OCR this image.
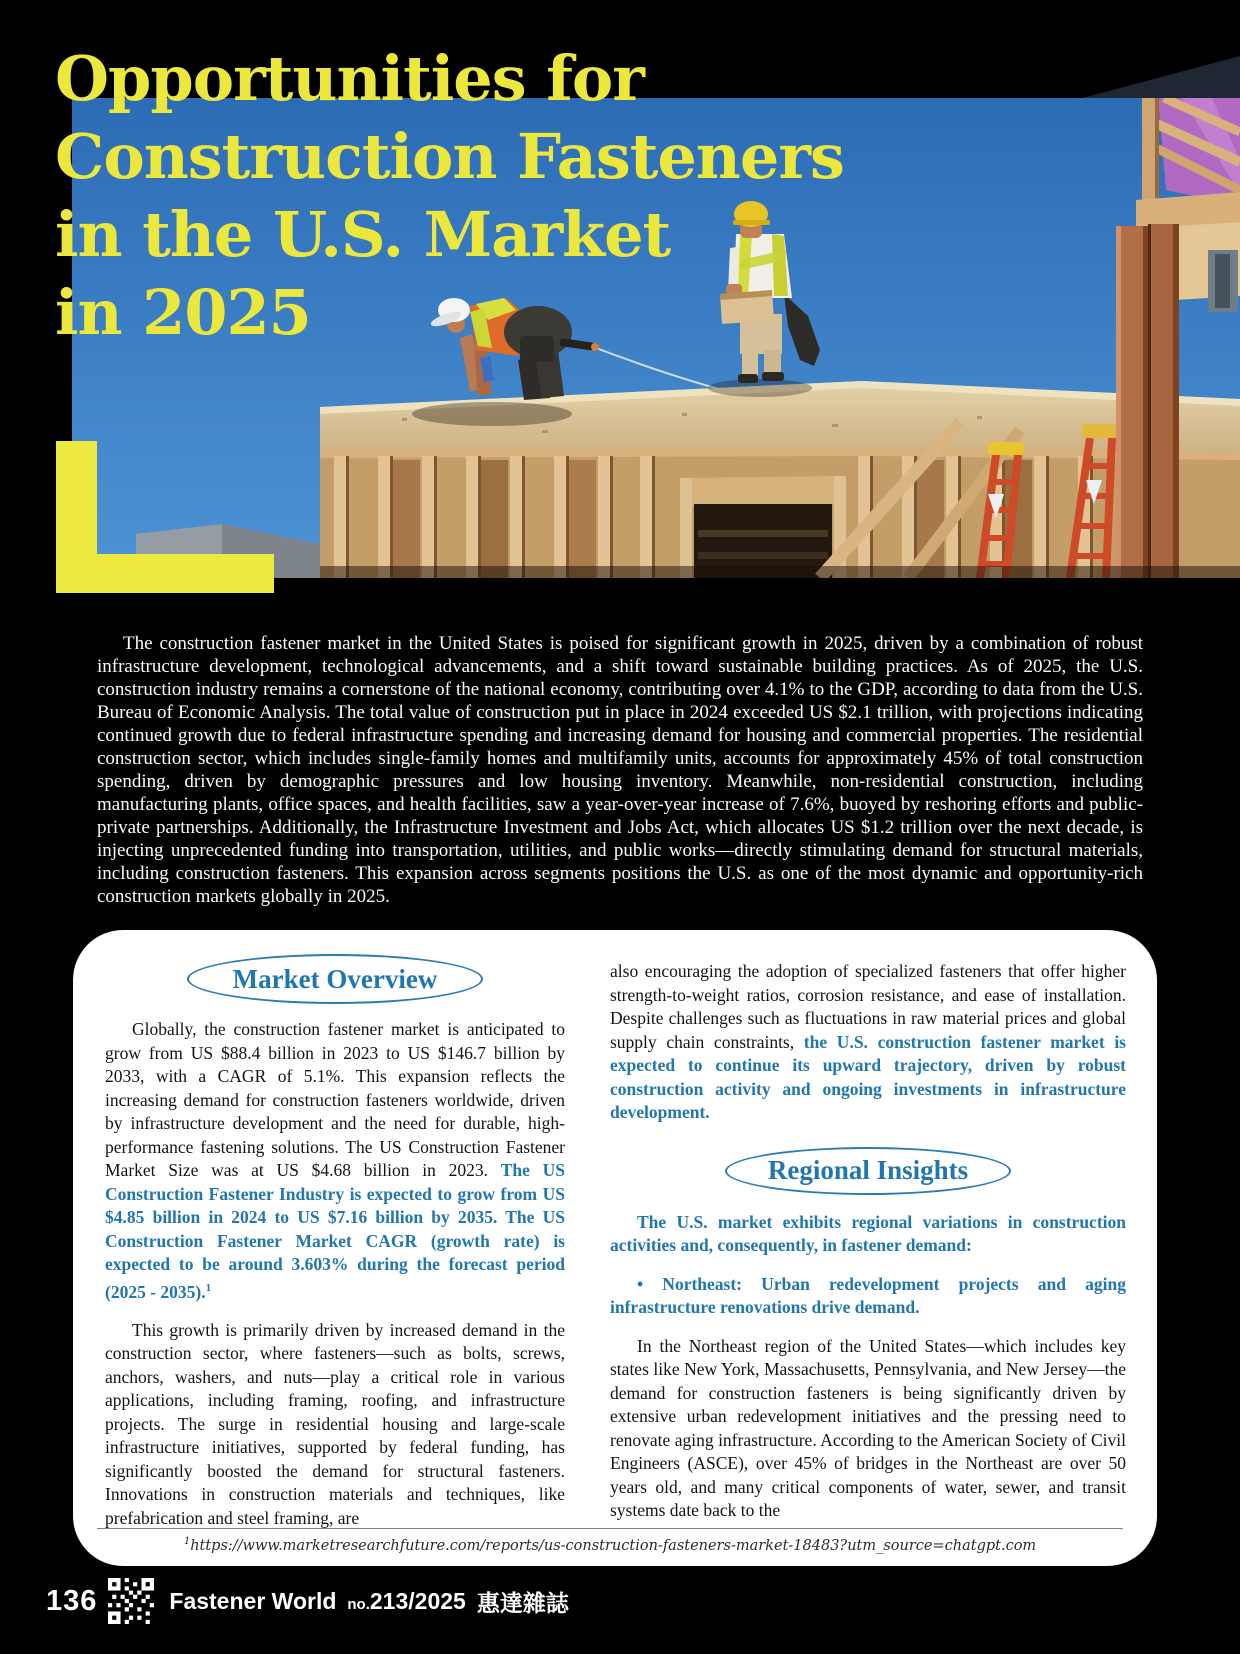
Opportunities for
Construction Fasteners
in the U.S. Market
in 2025

The construction fastener market in the United States is poised for significant growth in 2025, driven by a combination of robust infrastructure development, technological advancements, and a shift toward sustainable building practices. As of 2025, the U.S. construction industry remains a cornerstone of the national economy, contributing over 4.1% to the GDP, according to data from the U.S. Bureau of Economic Analysis. The total value of construction put in place in 2024 exceeded US $2.1 trillion, with projections indicating continued growth due to federal infrastructure spending and increasing demand for housing and commercial properties. The residential construction sector, which includes single-family homes and multifamily units, accounts for approximately 45% of total construction spending, driven by demographic pressures and low housing inventory. Meanwhile, non-residential construction, including manufacturing plants, office spaces, and health facilities, saw a year-over-year increase of 7.6%, buoyed by reshoring efforts and public-private partnerships. Additionally, the Infrastructure Investment and Jobs Act, which allocates US $1.2 trillion over the next decade, is injecting unprecedented funding into transportation, utilities, and public works—directly stimulating demand for structural materials, including construction fasteners. This expansion across segments positions the U.S. as one of the most dynamic and opportunity-rich construction markets globally in 2025.

Market Overview

Globally, the construction fastener market is anticipated to grow from US $88.4 billion in 2023 to US $146.7 billion by 2033, with a CAGR of 5.1%. This expansion reflects the increasing demand for construction fasteners worldwide, driven by infrastructure development and the need for durable, high-performance fastening solutions. The US Construction Fastener Market Size was at US $4.68 billion in 2023. The US Construction Fastener Industry is expected to grow from US $4.85 billion in 2024 to US $7.16 billion by 2035. The US Construction Fastener Market CAGR (growth rate) is expected to be around 3.603% during the forecast period (2025 - 2035).$^1$

This growth is primarily driven by increased demand in the construction sector, where fasteners—such as bolts, screws, anchors, washers, and nuts—play a critical role in various applications, including framing, roofing, and infrastructure projects. The surge in residential housing and large-scale infrastructure initiatives, supported by federal funding, has significantly boosted the demand for structural fasteners. Innovations in construction materials and techniques, like prefabrication and steel framing, are

also encouraging the adoption of specialized fasteners that offer higher strength-to-weight ratios, corrosion resistance, and ease of installation. Despite challenges such as fluctuations in raw material prices and global supply chain constraints, the U.S. construction fastener market is expected to continue its upward trajectory, driven by robust construction activity and ongoing investments in infrastructure development.

Regional Insights

The U.S. market exhibits regional variations in construction activities and, consequently, in fastener demand:

• Northeast: Urban redevelopment projects and aging infrastructure renovations drive demand.

In the Northeast region of the United States—which includes key states like New York, Massachusetts, Pennsylvania, and New Jersey—the demand for construction fasteners is being significantly driven by extensive urban redevelopment initiatives and the pressing need to renovate aging infrastructure. According to the American Society of Civil Engineers (ASCE), over 45% of bridges in the Northeast are over 50 years old, and many critical components of water, sewer, and transit systems date back to the

$^1$https://www.marketresearchfuture.com/reports/us-construction-fasteners-market-18483?utm_source=chatgpt.com
136	Fastener World no.213/2025 惠達雜誌
